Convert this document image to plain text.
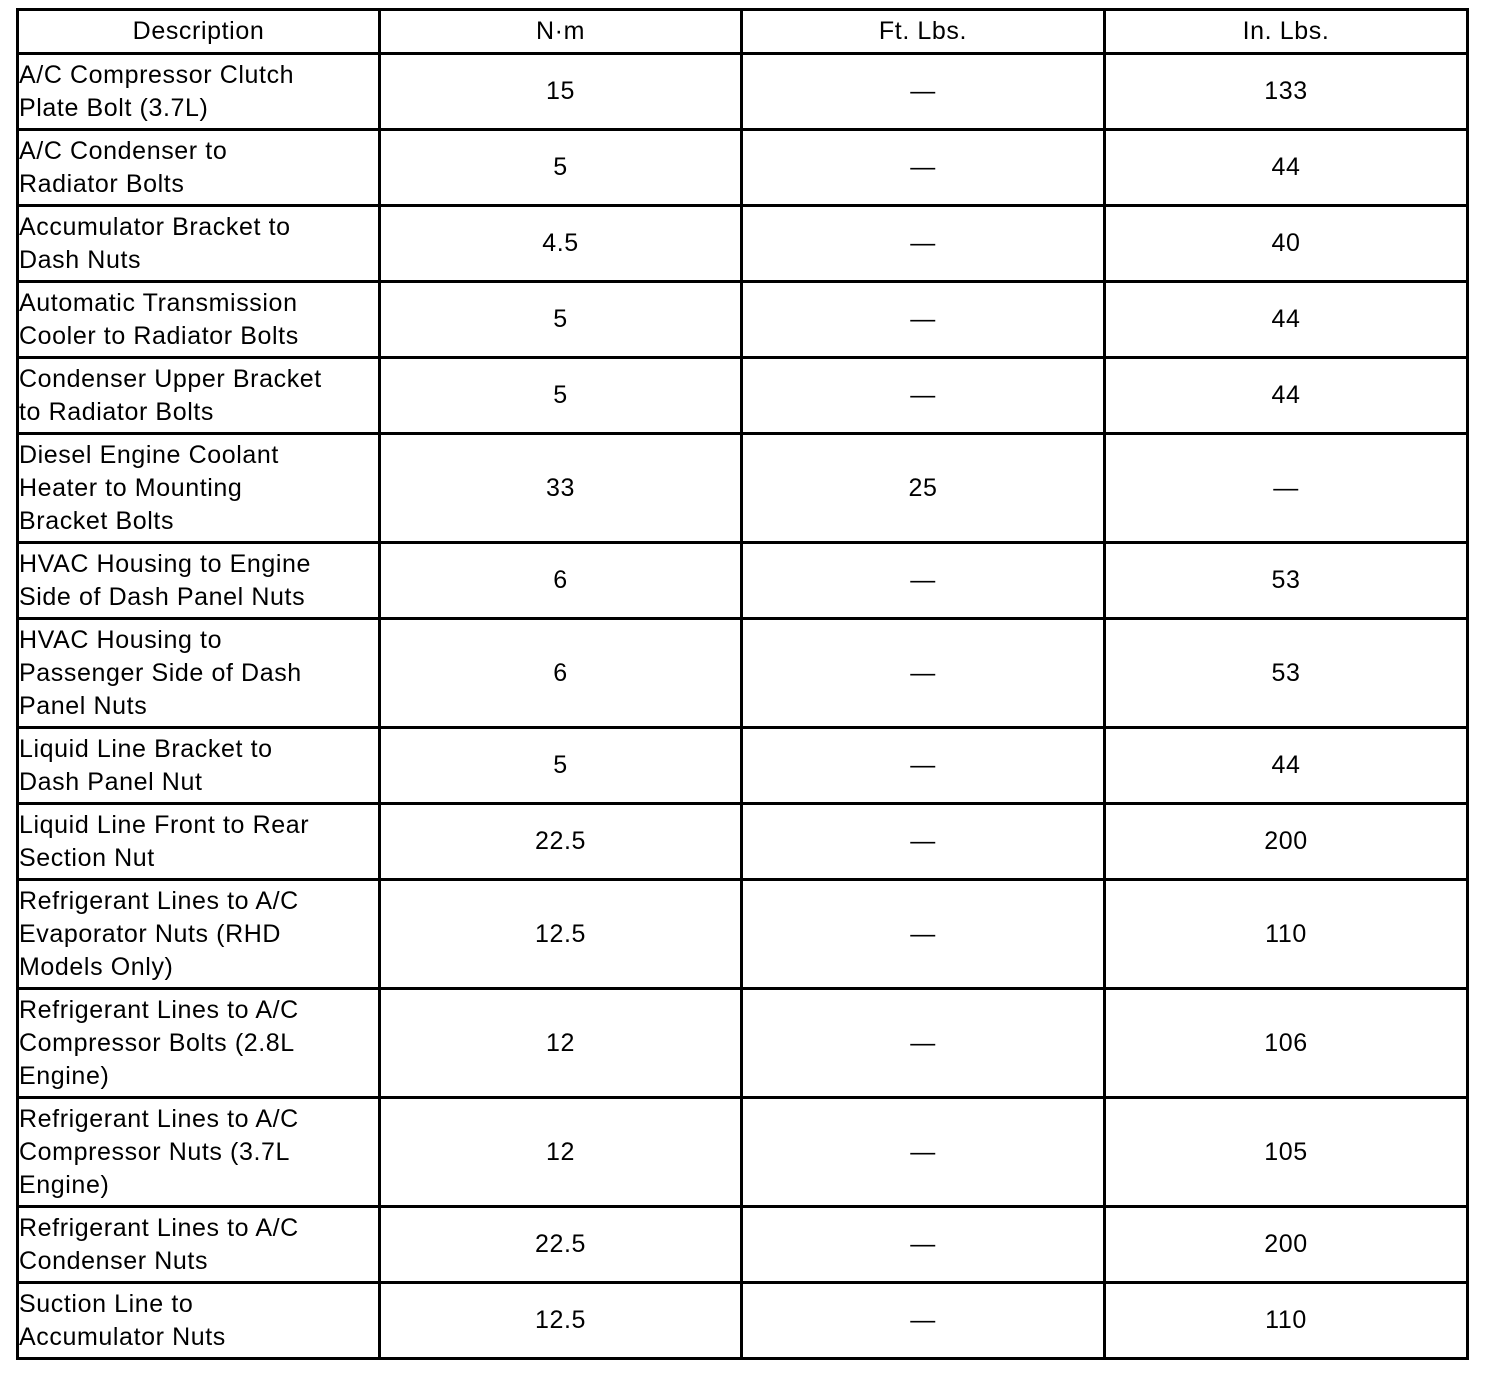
Description	N·m	Ft. Lbs.	In. Lbs.

A/C Compressor Clutch
Plate Bolt (3.7L)	15	—	133

A/C Condenser to
Radiator Bolts	5	—	44

Accumulator Bracket to
Dash Nuts	4.5	—	40

Automatic Transmission
Cooler to Radiator Bolts	5	—	44

Condenser Upper Bracket
to Radiator Bolts	5	—	44

Diesel Engine Coolant
Heater to Mounting
Bracket Bolts	33	25	—

HVAC Housing to Engine
Side of Dash Panel Nuts	6	—	53

HVAC Housing to
Passenger Side of Dash
Panel Nuts	6	—	53

Liquid Line Bracket to
Dash Panel Nut	5	—	44

Liquid Line Front to Rear
Section Nut	22.5	—	200

Refrigerant Lines to A/C
Evaporator Nuts (RHD
Models Only)	12.5	—	110

Refrigerant Lines to A/C
Compressor Bolts (2.8L
Engine)	12	—	106

Refrigerant Lines to A/C
Compressor Nuts (3.7L
Engine)	12	—	105

Refrigerant Lines to A/C
Condenser Nuts	22.5	—	200

Suction Line to
Accumulator Nuts	12.5	—	110
